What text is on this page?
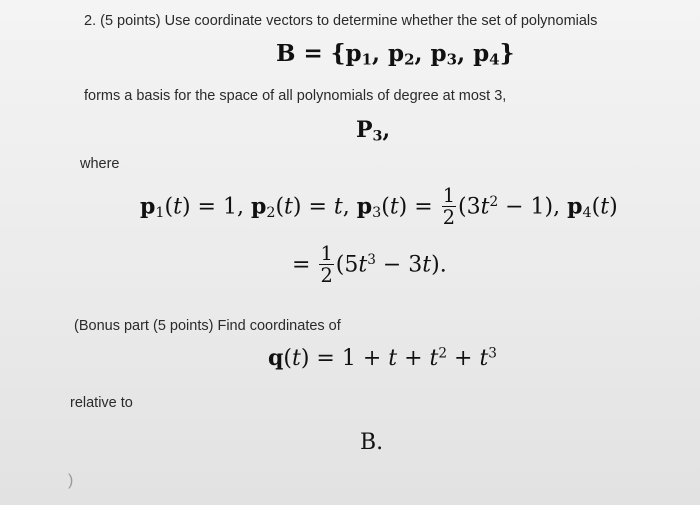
2. (5 points) Use coordinate vectors to determine whether the set of polynomials
$B = \{p_1$, $p_2$, $p_3$, $p_4$}
forms a basis for the space of all polynomials of degree at most 3,
$P_3$,
where
$p_1(t) = 1$, $p_2(t) = t$, $p_3(t) = \frac{1}{2} (3t^2 - 1)$, $p_4(t)$
= $\frac{1}{2} (5t^3 - 3t)$.
(Bonus part (5 points) Find coordinates of
$q(t) = 1 + t + t^2 + t^3$
relative to
B.
)
